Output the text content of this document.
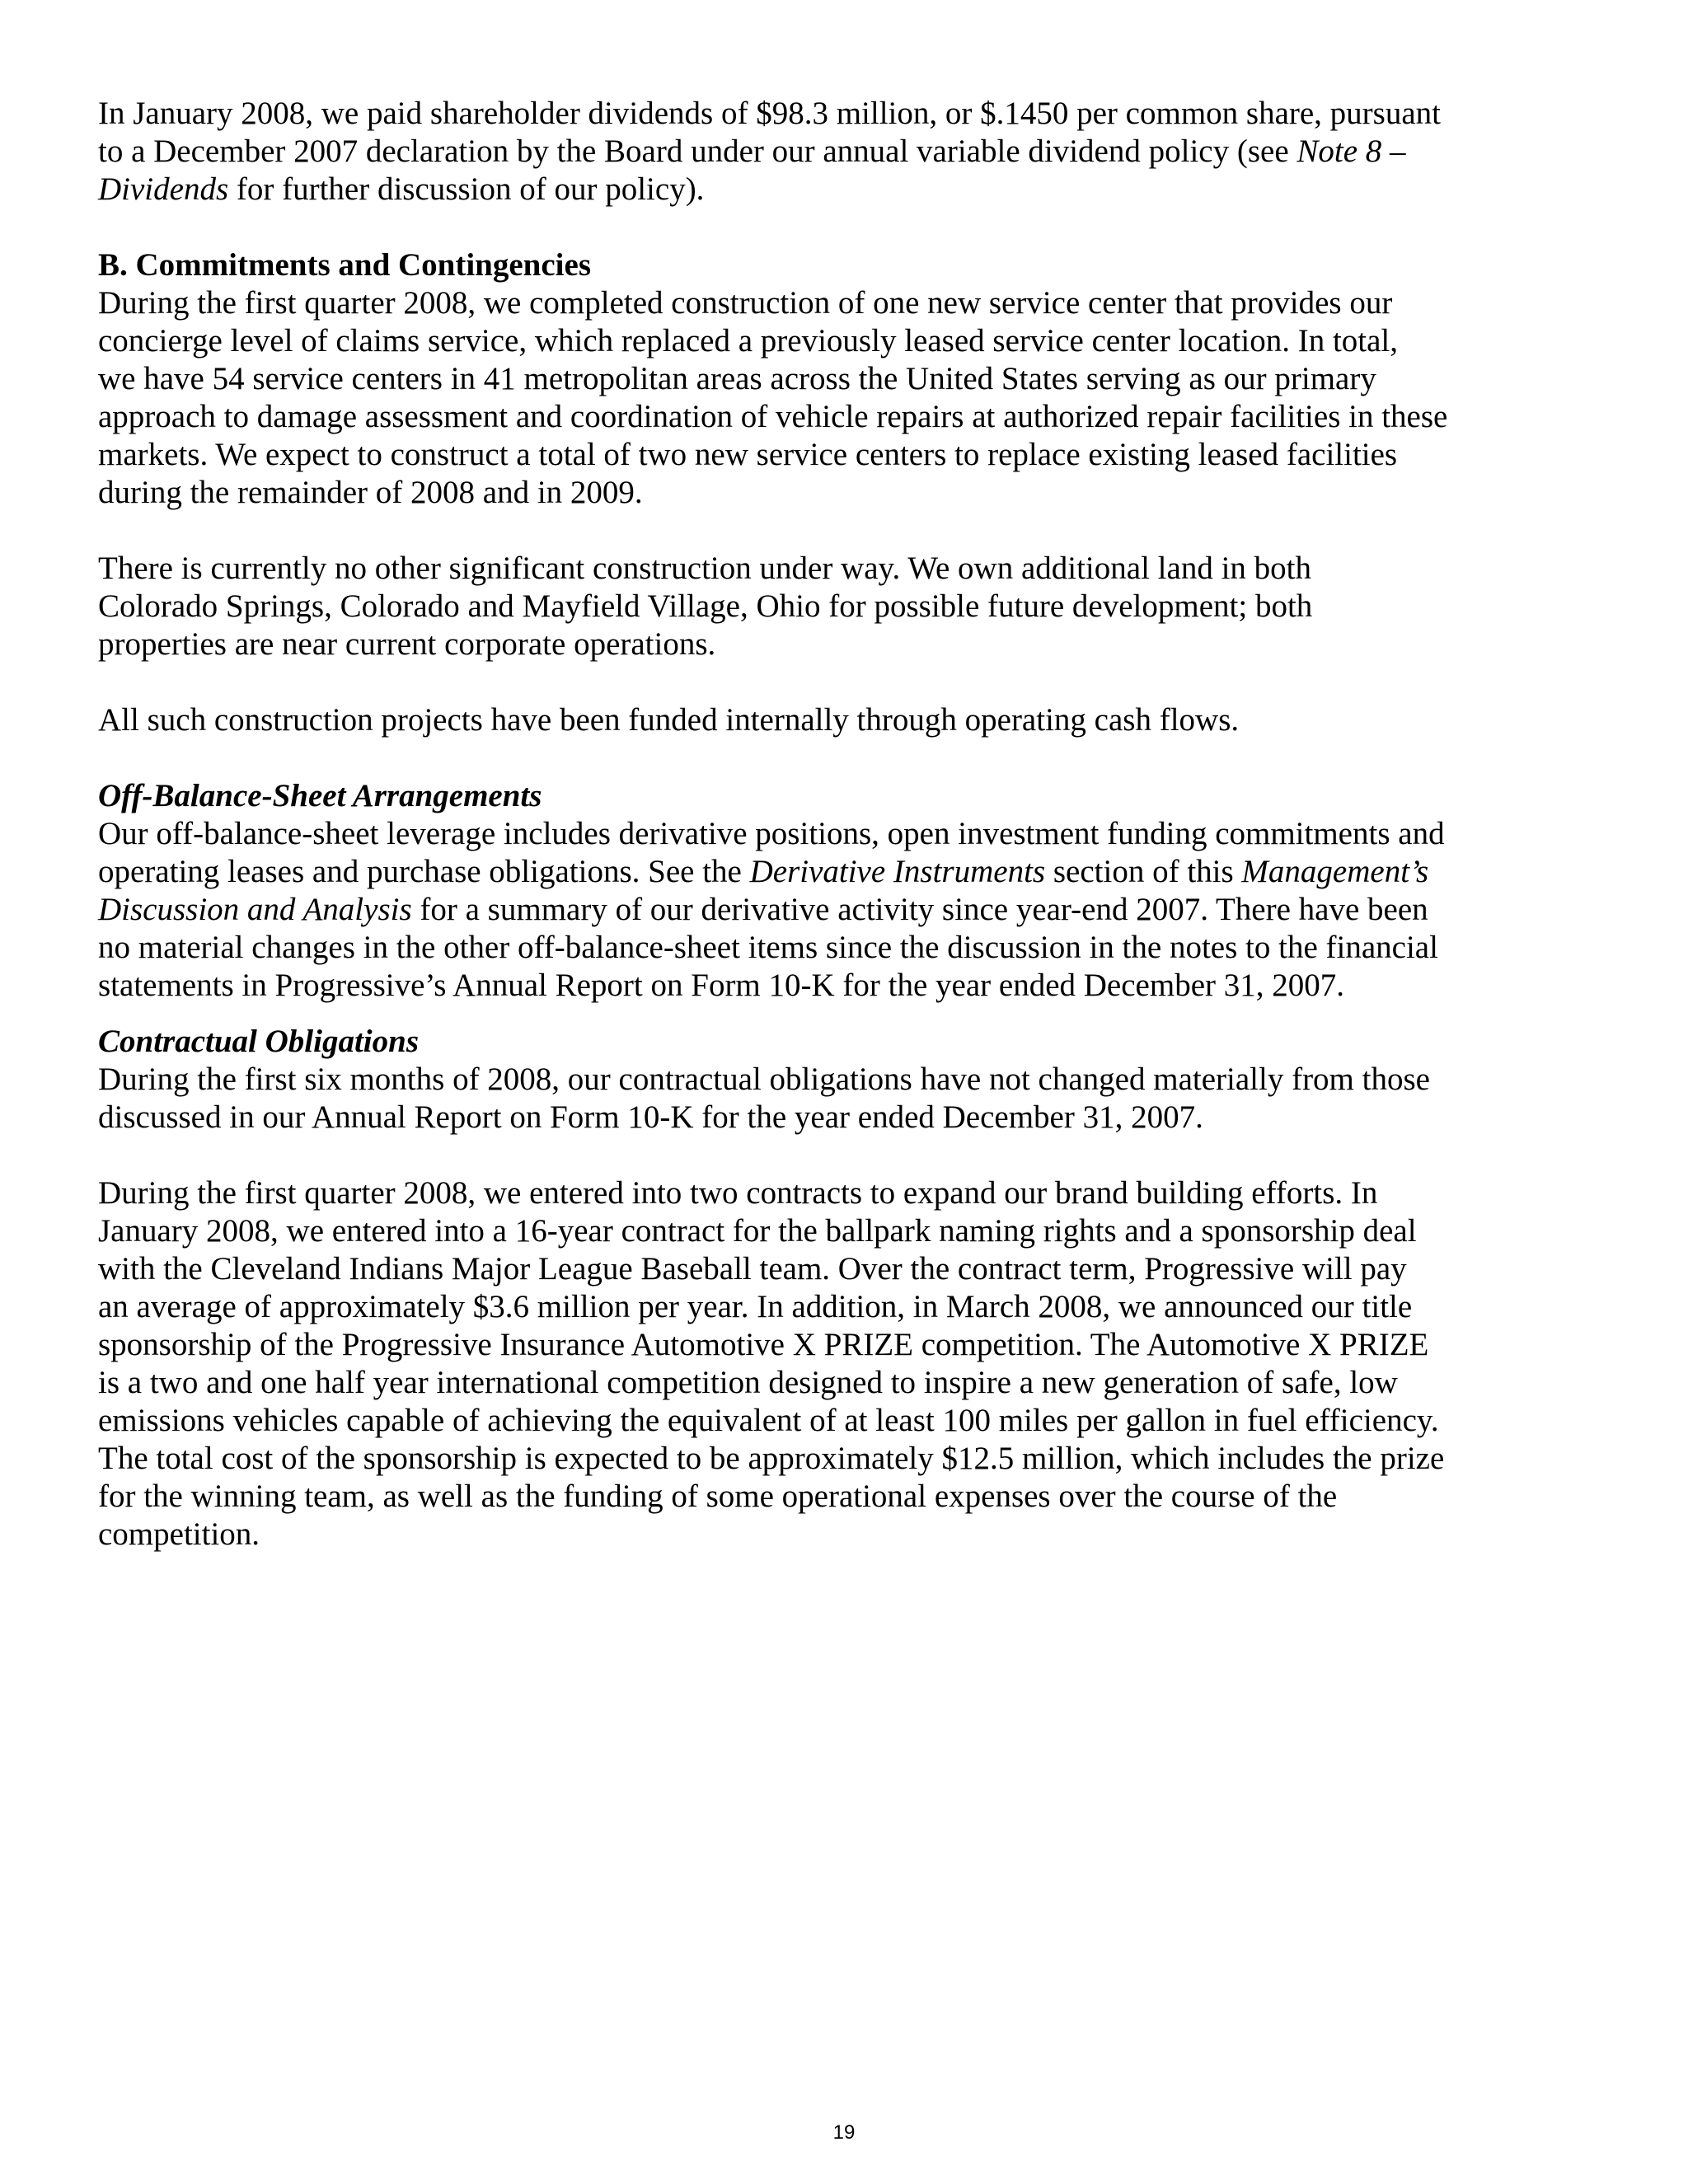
In January 2008, we paid shareholder dividends of $98.3 million, or $.1450 per common share, pursuant
to a December 2007 declaration by the Board under our annual variable dividend policy (see Note 8 –
Dividends for further discussion of our policy).
B. Commitments and Contingencies
During the first quarter 2008, we completed construction of one new service center that provides our
concierge level of claims service, which replaced a previously leased service center location. In total,
we have 54 service centers in 41 metropolitan areas across the United States serving as our primary
approach to damage assessment and coordination of vehicle repairs at authorized repair facilities in these
markets. We expect to construct a total of two new service centers to replace existing leased facilities
during the remainder of 2008 and in 2009.
There is currently no other significant construction under way. We own additional land in both
Colorado Springs, Colorado and Mayfield Village, Ohio for possible future development; both
properties are near current corporate operations.
All such construction projects have been funded internally through operating cash flows.
Off-Balance-Sheet Arrangements
Our off-balance-sheet leverage includes derivative positions, open investment funding commitments and
operating leases and purchase obligations. See the Derivative Instruments section of this Management’s
Discussion and Analysis for a summary of our derivative activity since year-end 2007. There have been
no material changes in the other off-balance-sheet items since the discussion in the notes to the financial
statements in Progressive’s Annual Report on Form 10-K for the year ended December 31, 2007.
Contractual Obligations
During the first six months of 2008, our contractual obligations have not changed materially from those
discussed in our Annual Report on Form 10-K for the year ended December 31, 2007.
During the first quarter 2008, we entered into two contracts to expand our brand building efforts. In
January 2008, we entered into a 16-year contract for the ballpark naming rights and a sponsorship deal
with the Cleveland Indians Major League Baseball team. Over the contract term, Progressive will pay
an average of approximately $3.6 million per year. In addition, in March 2008, we announced our title
sponsorship of the Progressive Insurance Automotive X PRIZE competition. The Automotive X PRIZE
is a two and one half year international competition designed to inspire a new generation of safe, low
emissions vehicles capable of achieving the equivalent of at least 100 miles per gallon in fuel efficiency.
The total cost of the sponsorship is expected to be approximately $12.5 million, which includes the prize
for the winning team, as well as the funding of some operational expenses over the course of the
competition.
19
